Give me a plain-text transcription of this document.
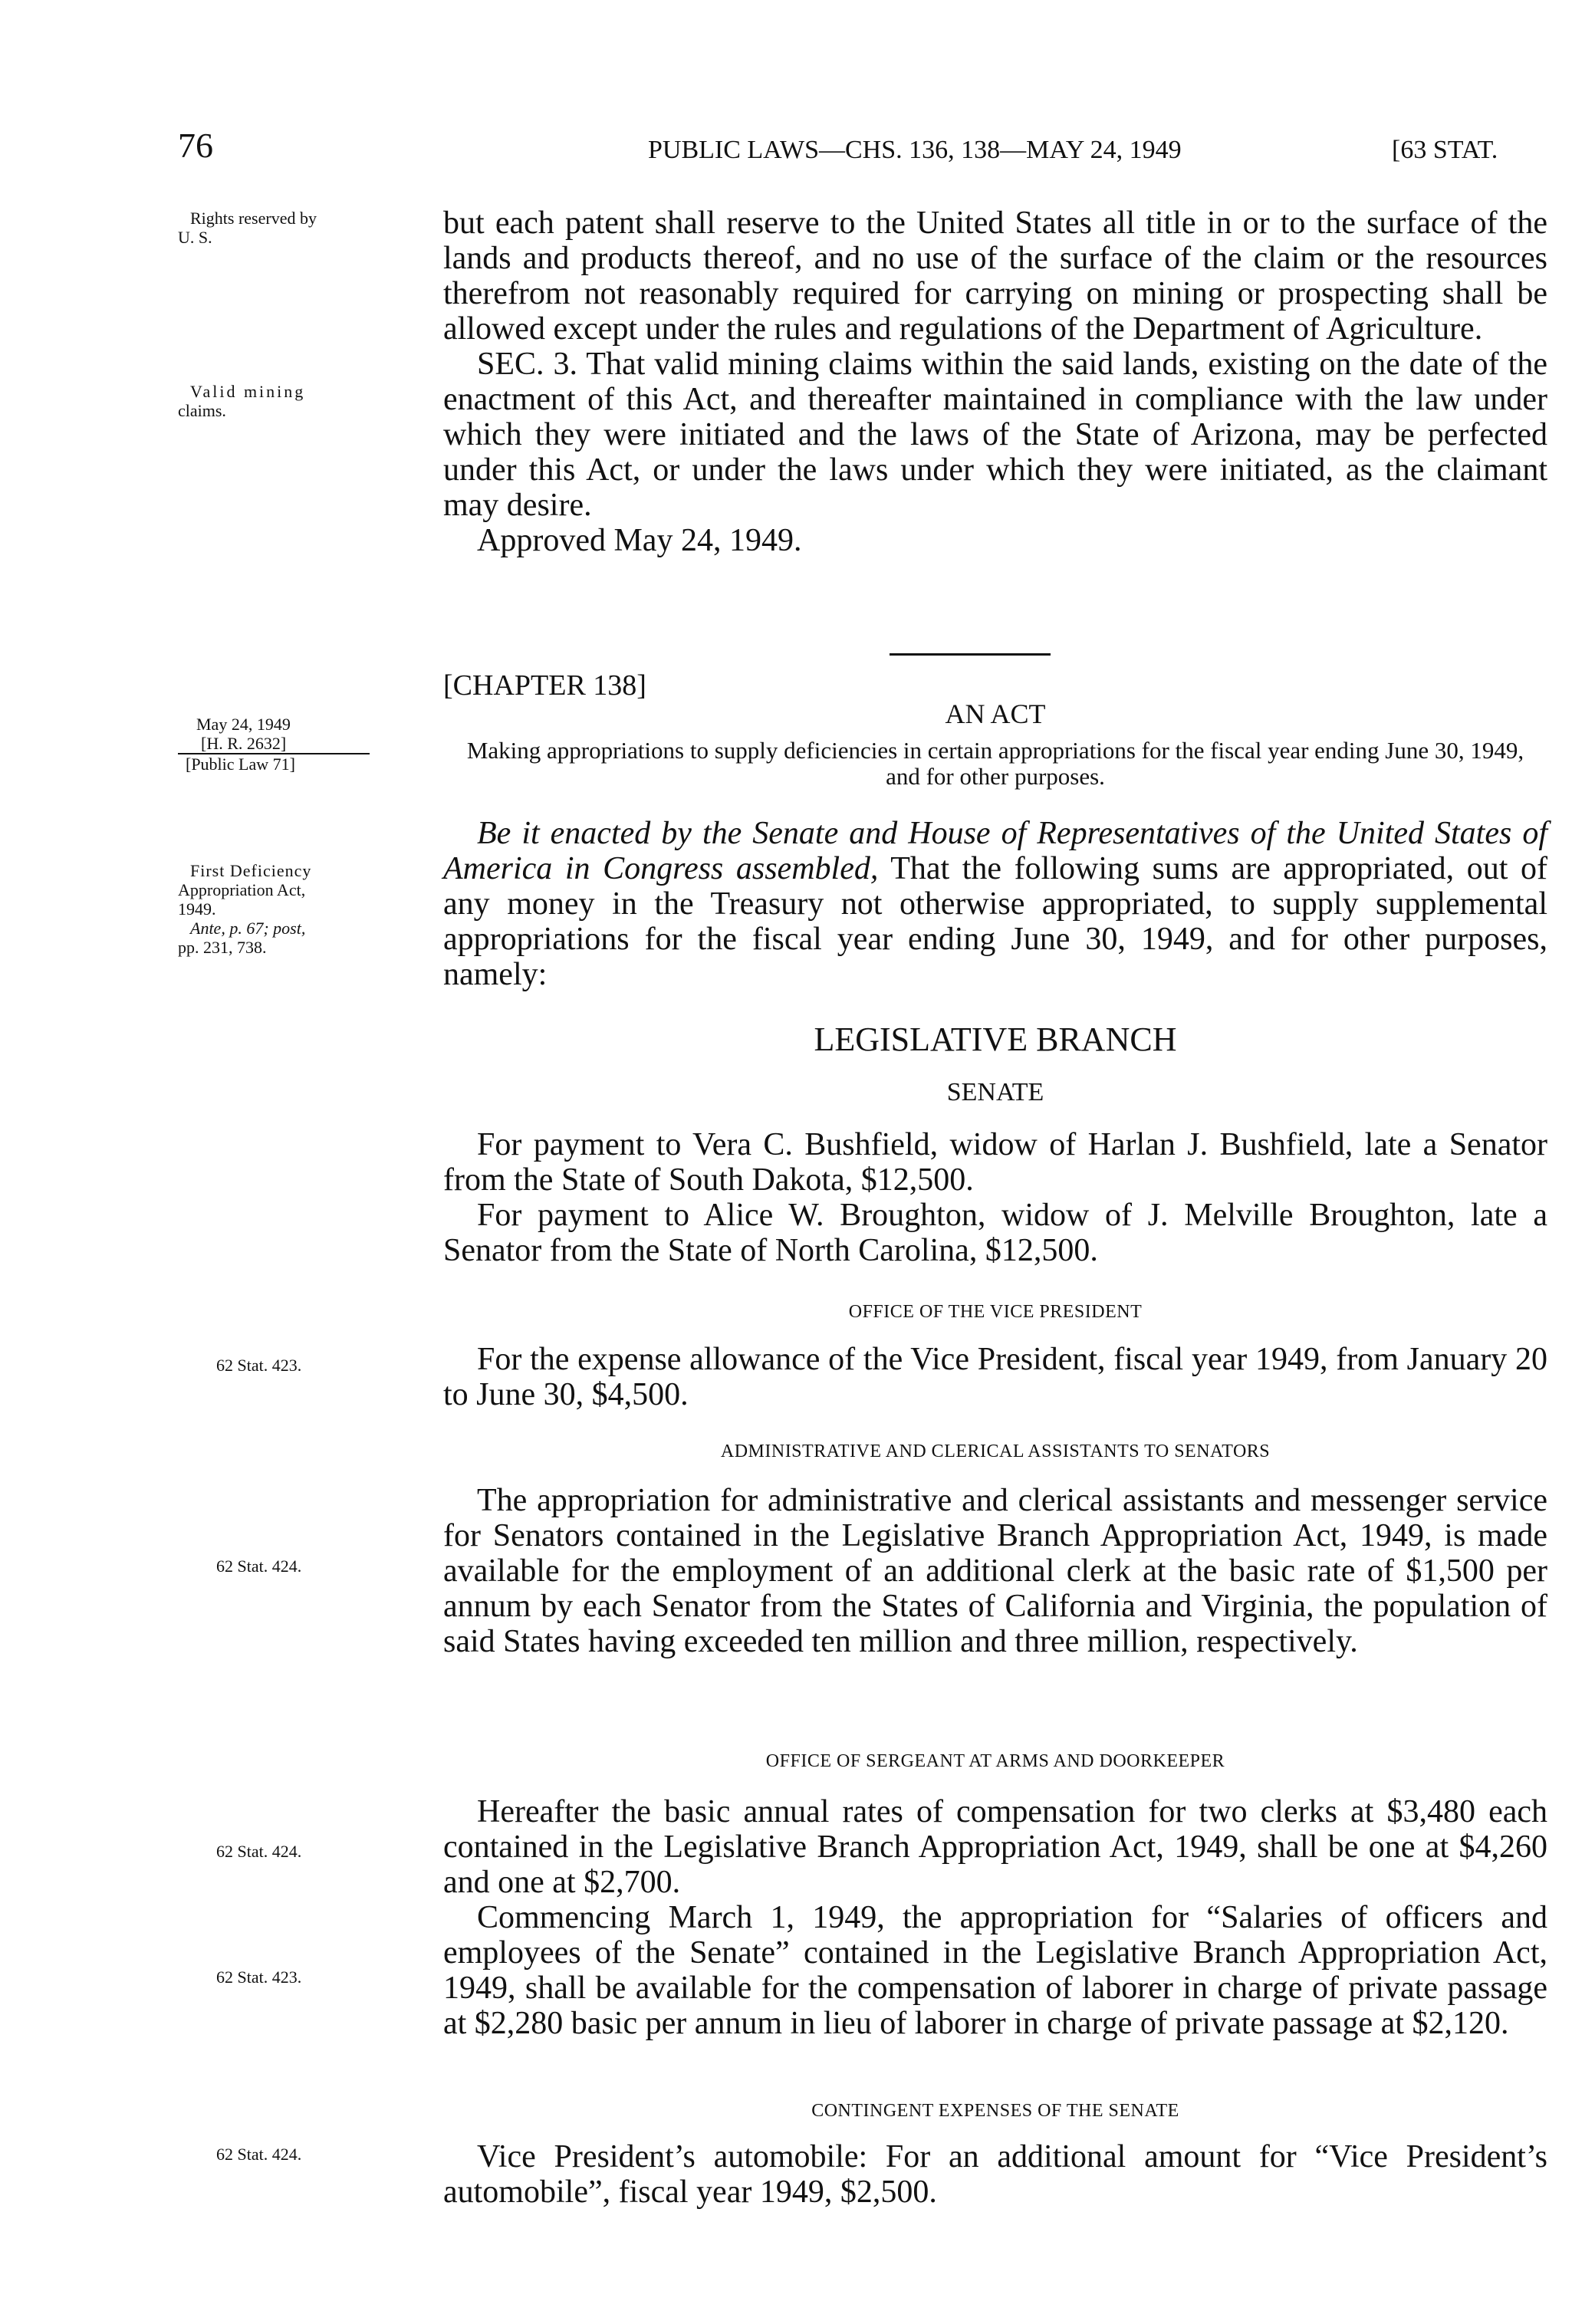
76	PUBLIC LAWS—CHS. 136, 138—MAY 24, 1949	[63 STAT.
Rights reserved by
U. S.
Valid mining
claims.
May 24, 1949
[H. R. 2632]
[Public Law 71]
First Deficiency
Appropriation Act,
1949.
Ante, p. 67; post,
pp. 231, 738.
62 Stat. 423.
62 Stat. 424.
62 Stat. 424.
62 Stat. 423.
62 Stat. 424.

but each patent shall reserve to the United States all title in or to the surface of the lands and products thereof, and no use of the surface of the claim or the resources therefrom not reasonably required for carrying on mining or prospecting shall be allowed except under the rules and regulations of the Department of Agriculture.

SEC. 3. That valid mining claims within the said lands, existing on the date of the enactment of this Act, and thereafter maintained in compliance with the law under which they were initiated and the laws of the State of Arizona, may be perfected under this Act, or under the laws under which they were initiated, as the claimant may desire.

Approved May 24, 1949.

[CHAPTER 138]
AN ACT
Making appropriations to supply deficiencies in certain appropriations for the fiscal year ending June 30, 1949, and for other purposes.

Be it enacted by the Senate and House of Representatives of the United States of America in Congress assembled, That the following sums are appropriated, out of any money in the Treasury not otherwise appropriated, to supply supplemental appropriations for the fiscal year ending June 30, 1949, and for other purposes, namely:

LEGISLATIVE BRANCH
SENATE

For payment to Vera C. Bushfield, widow of Harlan J. Bushfield, late a Senator from the State of South Dakota, $12,500.

For payment to Alice W. Broughton, widow of J. Melville Broughton, late a Senator from the State of North Carolina, $12,500.

OFFICE OF THE VICE PRESIDENT

For the expense allowance of the Vice President, fiscal year 1949, from January 20 to June 30, $4,500.

ADMINISTRATIVE AND CLERICAL ASSISTANTS TO SENATORS

The appropriation for administrative and clerical assistants and messenger service for Senators contained in the Legislative Branch Appropriation Act, 1949, is made available for the employment of an additional clerk at the basic rate of $1,500 per annum by each Senator from the States of California and Virginia, the population of said States having exceeded ten million and three million, respectively.

OFFICE OF SERGEANT AT ARMS AND DOORKEEPER

Hereafter the basic annual rates of compensation for two clerks at $3,480 each contained in the Legislative Branch Appropriation Act, 1949, shall be one at $4,260 and one at $2,700.

Commencing March 1, 1949, the appropriation for “Salaries of officers and employees of the Senate” contained in the Legislative Branch Appropriation Act, 1949, shall be available for the compensation of laborer in charge of private passage at $2,280 basic per annum in lieu of laborer in charge of private passage at $2,120.

CONTINGENT EXPENSES OF THE SENATE

Vice President’s automobile: For an additional amount for “Vice President’s automobile”, fiscal year 1949, $2,500.
